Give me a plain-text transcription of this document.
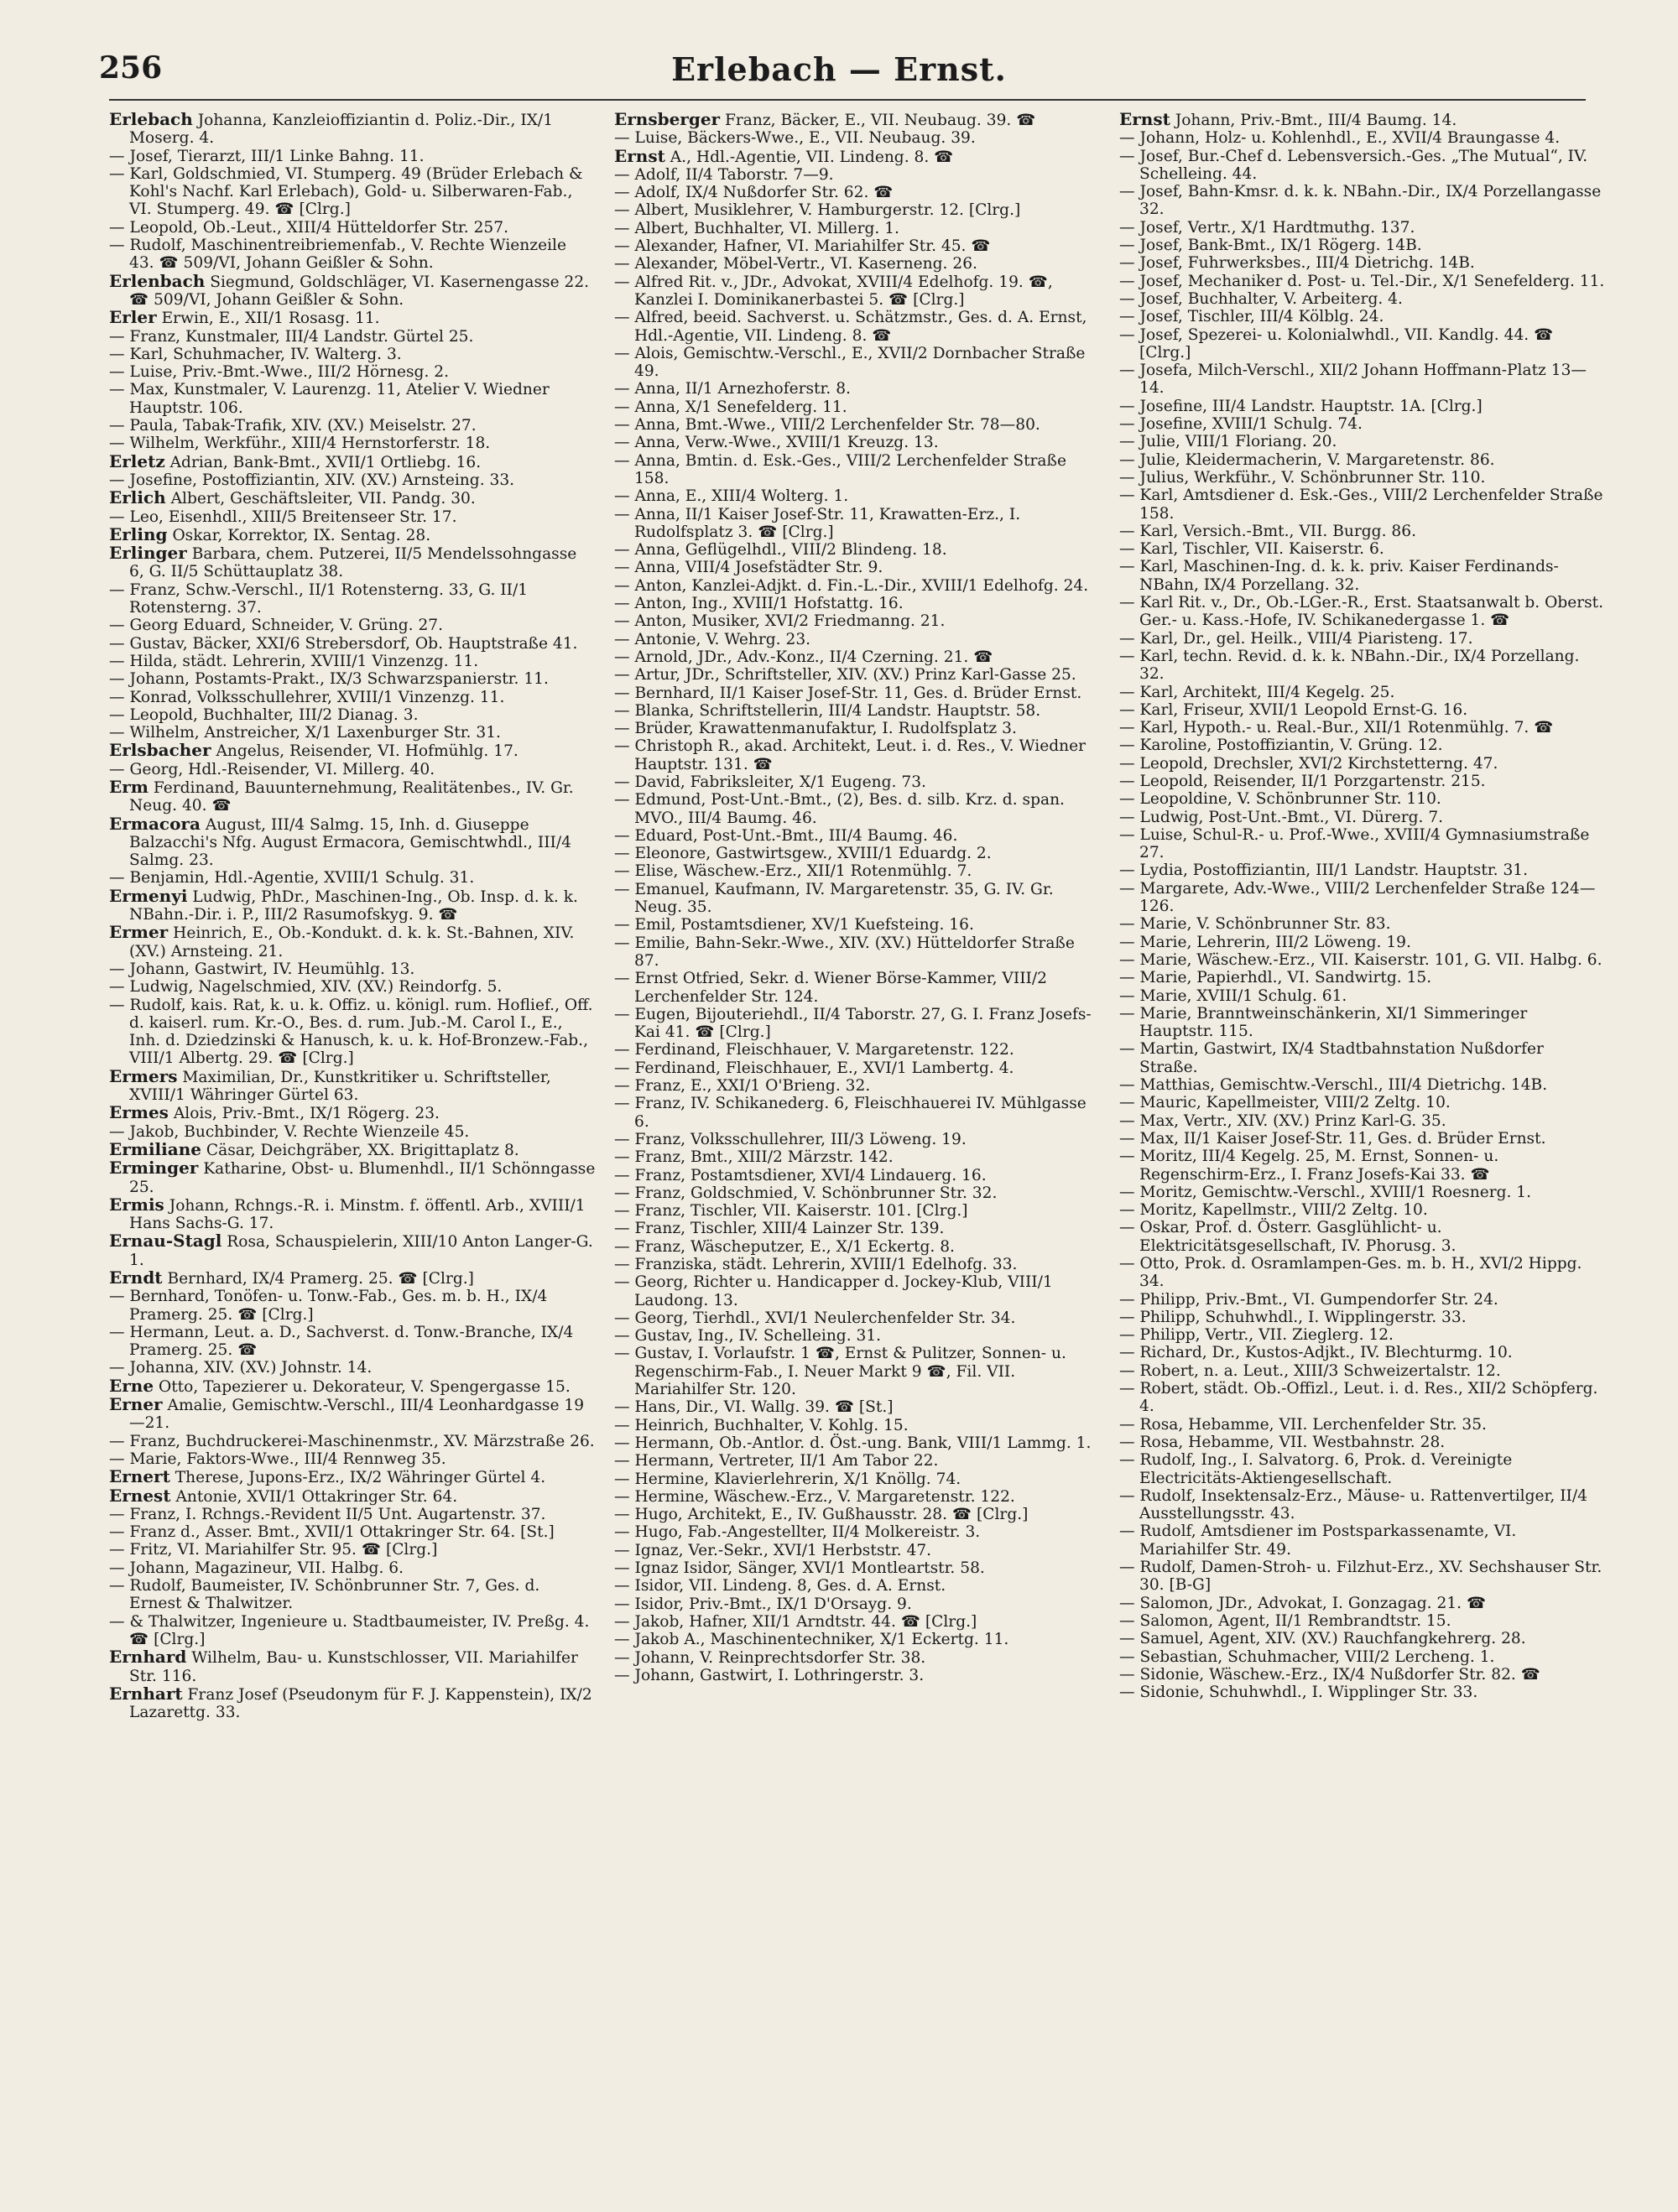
256	Erlebach — Ernst.

Erlebach Johanna, Kanzleioffiziantin d. Poliz.-Dir., IX/1 Moserg. 4.

— Josef, Tierarzt, III/1 Linke Bahng. 11.

— Karl, Goldschmied, VI. Stumperg. 49 (Brüder Erlebach & Kohl's Nachf. Karl Erlebach), Gold- u. Silberwaren-Fab., VI. Stumperg. 49. ☎ [Clrg.]

— Leopold, Ob.-Leut., XIII/4 Hütteldorfer Str. 257.

— Rudolf, Maschinentreibriemenfab., V. Rechte Wienzeile 43. ☎ 509/VI, Johann Geißler & Sohn.

Erlenbach Siegmund, Goldschläger, VI. Kasernengasse 22. ☎ 509/VI, Johann Geißler & Sohn.

Erler Erwin, E., XII/1 Rosasg. 11.

— Franz, Kunstmaler, III/4 Landstr. Gürtel 25.

— Karl, Schuhmacher, IV. Walterg. 3.

— Luise, Priv.-Bmt.-Wwe., III/2 Hörnesg. 2.

— Max, Kunstmaler, V. Laurenzg. 11, Atelier V. Wiedner Hauptstr. 106.

— Paula, Tabak-Trafik, XIV. (XV.) Meiselstr. 27.

— Wilhelm, Werkführ., XIII/4 Hernstorferstr. 18.

Erletz Adrian, Bank-Bmt., XVII/1 Ortliebg. 16.

— Josefine, Postoffiziantin, XIV. (XV.) Arnsteing. 33.

Erlich Albert, Geschäftsleiter, VII. Pandg. 30.

— Leo, Eisenhdl., XIII/5 Breitenseer Str. 17.

Erling Oskar, Korrektor, IX. Sentag. 28.

Erlinger Barbara, chem. Putzerei, II/5 Mendelssohngasse 6, G. II/5 Schüttauplatz 38.

— Franz, Schw.-Verschl., II/1 Rotensterng. 33, G. II/1 Rotensterng. 37.

— Georg Eduard, Schneider, V. Grüng. 27.

— Gustav, Bäcker, XXI/6 Strebersdorf, Ob. Hauptstraße 41.

— Hilda, städt. Lehrerin, XVIII/1 Vinzenzg. 11.

— Johann, Postamts-Prakt., IX/3 Schwarzspanierstr. 11.

— Konrad, Volksschullehrer, XVIII/1 Vinzenzg. 11.

— Leopold, Buchhalter, III/2 Dianag. 3.

— Wilhelm, Anstreicher, X/1 Laxenburger Str. 31.

Erlsbacher Angelus, Reisender, VI. Hofmühlg. 17.

— Georg, Hdl.-Reisender, VI. Millerg. 40.

Erm Ferdinand, Bauunternehmung, Realitätenbes., IV. Gr. Neug. 40. ☎

Ermacora August, III/4 Salmg. 15, Inh. d. Giuseppe Balzacchi's Nfg. August Ermacora, Gemischtwhdl., III/4 Salmg. 23.

— Benjamin, Hdl.-Agentie, XVIII/1 Schulg. 31.

Ermenyi Ludwig, PhDr., Maschinen-Ing., Ob. Insp. d. k. k. NBahn.-Dir. i. P., III/2 Rasumofskyg. 9. ☎

Ermer Heinrich, E., Ob.-Kondukt. d. k. k. St.-Bahnen, XIV. (XV.) Arnsteing. 21.

— Johann, Gastwirt, IV. Heumühlg. 13.

— Ludwig, Nagelschmied, XIV. (XV.) Reindorfg. 5.

— Rudolf, kais. Rat, k. u. k. Offiz. u. königl. rum. Hoflief., Off. d. kaiserl. rum. Kr.-O., Bes. d. rum. Jub.-M. Carol I., E., Inh. d. Dziedzinski & Hanusch, k. u. k. Hof-Bronzew.-Fab., VIII/1 Albertg. 29. ☎ [Clrg.]

Ermers Maximilian, Dr., Kunstkritiker u. Schriftsteller, XVIII/1 Währinger Gürtel 63.

Ermes Alois, Priv.-Bmt., IX/1 Rögerg. 23.

— Jakob, Buchbinder, V. Rechte Wienzeile 45.

Ermiliane Cäsar, Deichgräber, XX. Brigittaplatz 8.

Erminger Katharine, Obst- u. Blumenhdl., II/1 Schönngasse 25.

Ermis Johann, Rchngs.-R. i. Minstm. f. öffentl. Arb., XVIII/1 Hans Sachs-G. 17.

Ernau-Stagl Rosa, Schauspielerin, XIII/10 Anton Langer-G. 1.

Erndt Bernhard, IX/4 Pramerg. 25. ☎ [Clrg.]

— Bernhard, Tonöfen- u. Tonw.-Fab., Ges. m. b. H., IX/4 Pramerg. 25. ☎ [Clrg.]

— Hermann, Leut. a. D., Sachverst. d. Tonw.-Branche, IX/4 Pramerg. 25. ☎

— Johanna, XIV. (XV.) Johnstr. 14.

Erne Otto, Tapezierer u. Dekorateur, V. Spengergasse 15.

Erner Amalie, Gemischtw.-Verschl., III/4 Leonhardgasse 19—21.

— Franz, Buchdruckerei-Maschinenmstr., XV. Märzstraße 26.

— Marie, Faktors-Wwe., III/4 Rennweg 35.

Ernert Therese, Jupons-Erz., IX/2 Währinger Gürtel 4.

Ernest Antonie, XVII/1 Ottakringer Str. 64.

— Franz, I. Rchngs.-Revident II/5 Unt. Augartenstr. 37.

— Franz d., Asser. Bmt., XVII/1 Ottakringer Str. 64. [St.]

— Fritz, VI. Mariahilfer Str. 95. ☎ [Clrg.]

— Johann, Magazineur, VII. Halbg. 6.

— Rudolf, Baumeister, IV. Schönbrunner Str. 7, Ges. d. Ernest & Thalwitzer.

— & Thalwitzer, Ingenieure u. Stadtbaumeister, IV. Preßg. 4. ☎ [Clrg.]

Ernhard Wilhelm, Bau- u. Kunstschlosser, VII. Mariahilfer Str. 116.

Ernhart Franz Josef (Pseudonym für F. J. Kappenstein), IX/2 Lazarettg. 33.

Ernsberger Franz, Bäcker, E., VII. Neubaug. 39. ☎

— Luise, Bäckers-Wwe., E., VII. Neubaug. 39.

Ernst A., Hdl.-Agentie, VII. Lindeng. 8. ☎

— Adolf, II/4 Taborstr. 7—9.

— Adolf, IX/4 Nußdorfer Str. 62. ☎

— Albert, Musiklehrer, V. Hamburgerstr. 12. [Clrg.]

— Albert, Buchhalter, VI. Millerg. 1.

— Alexander, Hafner, VI. Mariahilfer Str. 45. ☎

— Alexander, Möbel-Vertr., VI. Kaserneng. 26.

— Alfred Rit. v., JDr., Advokat, XVIII/4 Edelhofg. 19. ☎, Kanzlei I. Dominikanerbastei 5. ☎ [Clrg.]

— Alfred, beeid. Sachverst. u. Schätzmstr., Ges. d. A. Ernst, Hdl.-Agentie, VII. Lindeng. 8. ☎

— Alois, Gemischtw.-Verschl., E., XVII/2 Dornbacher Straße 49.

— Anna, II/1 Arnezhoferstr. 8.

— Anna, X/1 Senefelderg. 11.

— Anna, Bmt.-Wwe., VIII/2 Lerchenfelder Str. 78—80.

— Anna, Verw.-Wwe., XVIII/1 Kreuzg. 13.

— Anna, Bmtin. d. Esk.-Ges., VIII/2 Lerchenfelder Straße 158.

— Anna, E., XIII/4 Wolterg. 1.

— Anna, II/1 Kaiser Josef-Str. 11, Krawatten-Erz., I. Rudolfsplatz 3. ☎ [Clrg.]

— Anna, Geflügelhdl., VIII/2 Blindeng. 18.

— Anna, VIII/4 Josefstädter Str. 9.

— Anton, Kanzlei-Adjkt. d. Fin.-L.-Dir., XVIII/1 Edelhofg. 24.

— Anton, Ing., XVIII/1 Hofstattg. 16.

— Anton, Musiker, XVI/2 Friedmanng. 21.

— Antonie, V. Wehrg. 23.

— Arnold, JDr., Adv.-Konz., II/4 Czerning. 21. ☎

— Artur, JDr., Schriftsteller, XIV. (XV.) Prinz Karl-Gasse 25.

— Bernhard, II/1 Kaiser Josef-Str. 11, Ges. d. Brüder Ernst.

— Blanka, Schriftstellerin, III/4 Landstr. Hauptstr. 58.

— Brüder, Krawattenmanufaktur, I. Rudolfsplatz 3.

— Christoph R., akad. Architekt, Leut. i. d. Res., V. Wiedner Hauptstr. 131. ☎

— David, Fabriksleiter, X/1 Eugeng. 73.

— Edmund, Post-Unt.-Bmt., (2), Bes. d. silb. Krz. d. span. MVO., III/4 Baumg. 46.

— Eduard, Post-Unt.-Bmt., III/4 Baumg. 46.

— Eleonore, Gastwirtsgew., XVIII/1 Eduardg. 2.

— Elise, Wäschew.-Erz., XII/1 Rotenmühlg. 7.

— Emanuel, Kaufmann, IV. Margaretenstr. 35, G. IV. Gr. Neug. 35.

— Emil, Postamtsdiener, XV/1 Kuefsteing. 16.

— Emilie, Bahn-Sekr.-Wwe., XIV. (XV.) Hütteldorfer Straße 87.

— Ernst Otfried, Sekr. d. Wiener Börse-Kammer, VIII/2 Lerchenfelder Str. 124.

— Eugen, Bijouteriehdl., II/4 Taborstr. 27, G. I. Franz Josefs-Kai 41. ☎ [Clrg.]

— Ferdinand, Fleischhauer, V. Margaretenstr. 122.

— Ferdinand, Fleischhauer, E., XVI/1 Lambertg. 4.

— Franz, E., XXI/1 O'Brieng. 32.

— Franz, IV. Schikanederg. 6, Fleischhauerei IV. Mühlgasse 6.

— Franz, Volksschullehrer, III/3 Löweng. 19.

— Franz, Bmt., XIII/2 Märzstr. 142.

— Franz, Postamtsdiener, XVI/4 Lindauerg. 16.

— Franz, Goldschmied, V. Schönbrunner Str. 32.

— Franz, Tischler, VII. Kaiserstr. 101. [Clrg.]

— Franz, Tischler, XIII/4 Lainzer Str. 139.

— Franz, Wäscheputzer, E., X/1 Eckertg. 8.

— Franziska, städt. Lehrerin, XVIII/1 Edelhofg. 33.

— Georg, Richter u. Handicapper d. Jockey-Klub, VIII/1 Laudong. 13.

— Georg, Tierhdl., XVI/1 Neulerchenfelder Str. 34.

— Gustav, Ing., IV. Schelleing. 31.

— Gustav, I. Vorlaufstr. 1 ☎, Ernst & Pulitzer, Sonnen- u. Regenschirm-Fab., I. Neuer Markt 9 ☎, Fil. VII. Mariahilfer Str. 120.

— Hans, Dir., VI. Wallg. 39. ☎ [St.]

— Heinrich, Buchhalter, V. Kohlg. 15.

— Hermann, Ob.-Antlor. d. Öst.-ung. Bank, VIII/1 Lammg. 1.

— Hermann, Vertreter, II/1 Am Tabor 22.

— Hermine, Klavierlehrerin, X/1 Knöllg. 74.

— Hermine, Wäschew.-Erz., V. Margaretenstr. 122.

— Hugo, Architekt, E., IV. Gußhausstr. 28. ☎ [Clrg.]

— Hugo, Fab.-Angestellter, II/4 Molkereistr. 3.

— Ignaz, Ver.-Sekr., XVI/1 Herbststr. 47.

— Ignaz Isidor, Sänger, XVI/1 Montleartstr. 58.

— Isidor, VII. Lindeng. 8, Ges. d. A. Ernst.

— Isidor, Priv.-Bmt., IX/1 D'Orsayg. 9.

— Jakob, Hafner, XII/1 Arndtstr. 44. ☎ [Clrg.]

— Jakob A., Maschinentechniker, X/1 Eckertg. 11.

— Johann, V. Reinprechtsdorfer Str. 38.

— Johann, Gastwirt, I. Lothringerstr. 3.

Ernst Johann, Priv.-Bmt., III/4 Baumg. 14.

— Johann, Holz- u. Kohlenhdl., E., XVII/4 Braungasse 4.

— Josef, Bur.-Chef d. Lebensversich.-Ges. „The Mutual“, IV. Schelleing. 44.

— Josef, Bahn-Kmsr. d. k. k. NBahn.-Dir., IX/4 Porzellangasse 32.

— Josef, Vertr., X/1 Hardtmuthg. 137.

— Josef, Bank-Bmt., IX/1 Rögerg. 14B.

— Josef, Fuhrwerksbes., III/4 Dietrichg. 14B.

— Josef, Mechaniker d. Post- u. Tel.-Dir., X/1 Senefelderg. 11.

— Josef, Buchhalter, V. Arbeiterg. 4.

— Josef, Tischler, III/4 Kölblg. 24.

— Josef, Spezerei- u. Kolonialwhdl., VII. Kandlg. 44. ☎ [Clrg.]

— Josefa, Milch-Verschl., XII/2 Johann Hoffmann-Platz 13—14.

— Josefine, III/4 Landstr. Hauptstr. 1A. [Clrg.]

— Josefine, XVIII/1 Schulg. 74.

— Julie, VIII/1 Floriang. 20.

— Julie, Kleidermacherin, V. Margaretenstr. 86.

— Julius, Werkführ., V. Schönbrunner Str. 110.

— Karl, Amtsdiener d. Esk.-Ges., VIII/2 Lerchenfelder Straße 158.

— Karl, Versich.-Bmt., VII. Burgg. 86.

— Karl, Tischler, VII. Kaiserstr. 6.

— Karl, Maschinen-Ing. d. k. k. priv. Kaiser Ferdinands-NBahn, IX/4 Porzellang. 32.

— Karl Rit. v., Dr., Ob.-LGer.-R., Erst. Staatsanwalt b. Oberst. Ger.- u. Kass.-Hofe, IV. Schikanedergasse 1. ☎

— Karl, Dr., gel. Heilk., VIII/4 Piaristeng. 17.

— Karl, techn. Revid. d. k. k. NBahn.-Dir., IX/4 Porzellang. 32.

— Karl, Architekt, III/4 Kegelg. 25.

— Karl, Friseur, XVII/1 Leopold Ernst-G. 16.

— Karl, Hypoth.- u. Real.-Bur., XII/1 Rotenmühlg. 7. ☎

— Karoline, Postoffiziantin, V. Grüng. 12.

— Leopold, Drechsler, XVI/2 Kirchstetterng. 47.

— Leopold, Reisender, II/1 Porzgartenstr. 215.

— Leopoldine, V. Schönbrunner Str. 110.

— Ludwig, Post-Unt.-Bmt., VI. Dürerg. 7.

— Luise, Schul-R.- u. Prof.-Wwe., XVIII/4 Gymnasiumstraße 27.

— Lydia, Postoffiziantin, III/1 Landstr. Hauptstr. 31.

— Margarete, Adv.-Wwe., VIII/2 Lerchenfelder Straße 124—126.

— Marie, V. Schönbrunner Str. 83.

— Marie, Lehrerin, III/2 Löweng. 19.

— Marie, Wäschew.-Erz., VII. Kaiserstr. 101, G. VII. Halbg. 6.

— Marie, Papierhdl., VI. Sandwirtg. 15.

— Marie, XVIII/1 Schulg. 61.

— Marie, Branntweinschänkerin, XI/1 Simmeringer Hauptstr. 115.

— Martin, Gastwirt, IX/4 Stadtbahnstation Nußdorfer Straße.

— Matthias, Gemischtw.-Verschl., III/4 Dietrichg. 14B.

— Mauric, Kapellmeister, VIII/2 Zeltg. 10.

— Max, Vertr., XIV. (XV.) Prinz Karl-G. 35.

— Max, II/1 Kaiser Josef-Str. 11, Ges. d. Brüder Ernst.

— Moritz, III/4 Kegelg. 25, M. Ernst, Sonnen- u. Regenschirm-Erz., I. Franz Josefs-Kai 33. ☎

— Moritz, Gemischtw.-Verschl., XVIII/1 Roesnerg. 1.

— Moritz, Kapellmstr., VIII/2 Zeltg. 10.

— Oskar, Prof. d. Österr. Gasglühlicht- u. Elektricitätsgesellschaft, IV. Phorusg. 3.

— Otto, Prok. d. Osramlampen-Ges. m. b. H., XVI/2 Hippg. 34.

— Philipp, Priv.-Bmt., VI. Gumpendorfer Str. 24.

— Philipp, Schuhwhdl., I. Wipplingerstr. 33.

— Philipp, Vertr., VII. Zieglerg. 12.

— Richard, Dr., Kustos-Adjkt., IV. Blechturmg. 10.

— Robert, n. a. Leut., XIII/3 Schweizertalstr. 12.

— Robert, städt. Ob.-Offizl., Leut. i. d. Res., XII/2 Schöpferg. 4.

— Rosa, Hebamme, VII. Lerchenfelder Str. 35.

— Rosa, Hebamme, VII. Westbahnstr. 28.

— Rudolf, Ing., I. Salvatorg. 6, Prok. d. Vereinigte Electricitäts-Aktiengesellschaft.

— Rudolf, Insektensalz-Erz., Mäuse- u. Rattenvertilger, II/4 Ausstellungsstr. 43.

— Rudolf, Amtsdiener im Postsparkassenamte, VI. Mariahilfer Str. 49.

— Rudolf, Damen-Stroh- u. Filzhut-Erz., XV. Sechshauser Str. 30. [B-G]

— Salomon, JDr., Advokat, I. Gonzagag. 21. ☎

— Salomon, Agent, II/1 Rembrandtstr. 15.

— Samuel, Agent, XIV. (XV.) Rauchfangkehrerg. 28.

— Sebastian, Schuhmacher, VIII/2 Lercheng. 1.

— Sidonie, Wäschew.-Erz., IX/4 Nußdorfer Str. 82. ☎

— Sidonie, Schuhwhdl., I. Wipplinger Str. 33.
